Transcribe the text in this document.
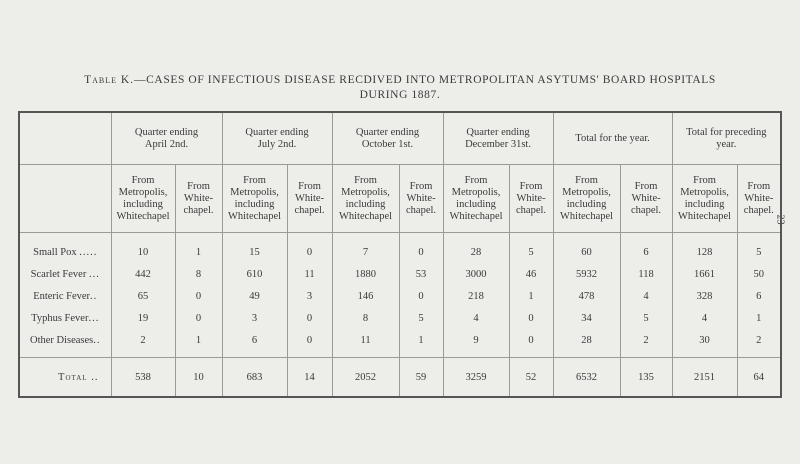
Table K.—CASES OF INFECTIOUS DISEASE RECDIVED INTO METROPOLITAN ASYTUMS' BOARD HOSPITALS
DURING 1887.
23
	Quarter ending April 2nd.		Quarter ending July 2nd.		Quarter ending October 1st.		Quarter ending December 31st.		Total for the year.		Total for preceding year.	
	From Metropolis, including Whitechapel	From White-chapel.	From Metropolis, including Whitechapel	From White-chapel.	From Metropolis, including Whitechapel	From White-chapel.	From Metropolis, including Whitechapel	From White-chapel.	From Metropolis, including Whitechapel	From White-chapel.	From Metropolis, including Whitechapel	From White-chapel.
Small Pox .....	10	1	15	0	7	0	28	5	60	6	128	5
Scarlet Fever ...	442	8	610	11	1880	53	3000	46	5932	118	1661	50
Enteric Fever..	65	0	49	3	146	0	218	1	478	4	328	6
Typhus Fever...	19	0	3	0	8	5	4	0	34	5	4	1
Other Diseases..	2	1	6	0	11	1	9	0	28	2	30	2
Total ..	538	10	683	14	2052	59	3259	52	6532	135	2151	64
